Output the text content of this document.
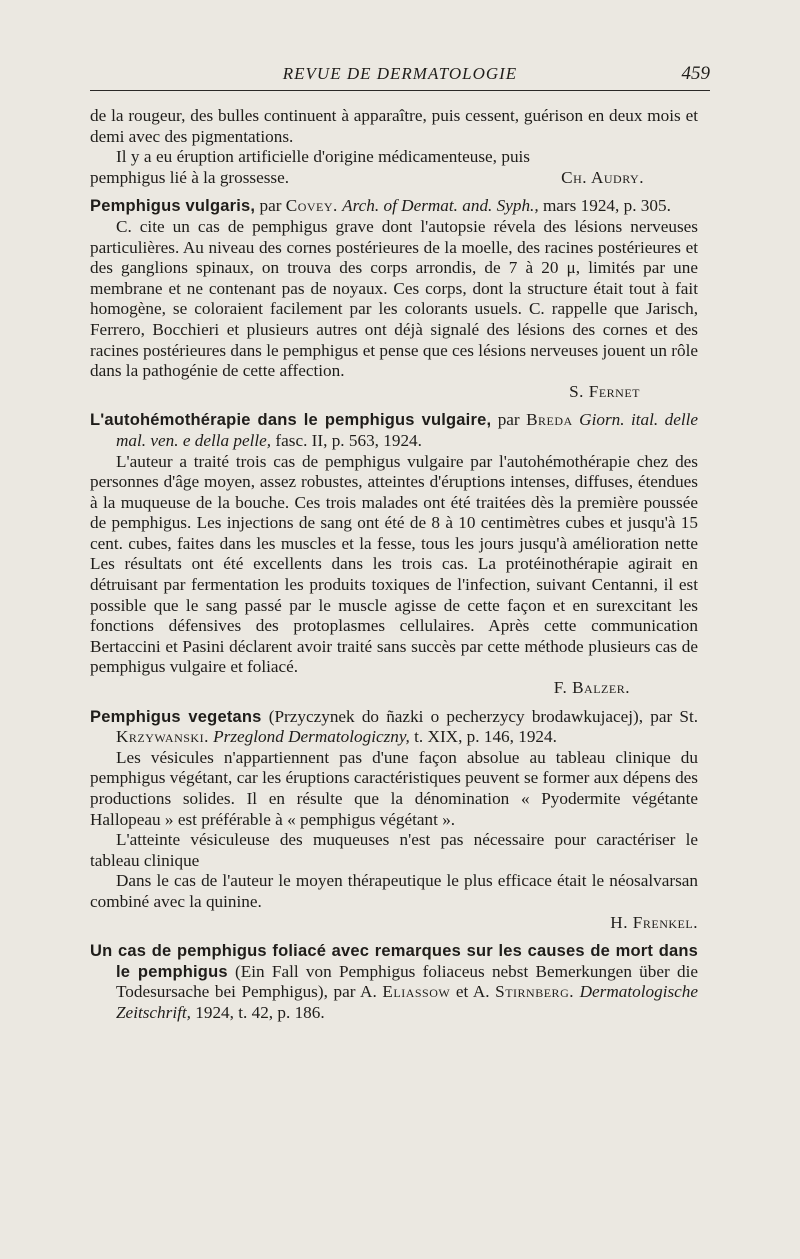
REVUE DE DERMATOLOGIE	459

de la rougeur, des bulles continuent à apparaître, puis cessent, guérison en deux mois et demi avec des pigmentations.

Il y a eu éruption artificielle d'origine médicamenteuse, puis pemphigus lié à la grossesse.	Ch. Audry.

Pemphigus vulgaris, par Covey. Arch. of Dermat. and. Syph., mars 1924, p. 305.

C. cite un cas de pemphigus grave dont l'autopsie révela des lésions nerveuses particulières. Au niveau des cornes postérieures de la moelle, des racines postérieures et des ganglions spinaux, on trouva des corps arrondis, de 7 à 20 μ, limités par une membrane et ne contenant pas de noyaux. Ces corps, dont la structure était tout à fait homogène, se coloraient facilement par les colorants usuels. C. rappelle que Jarisch, Ferrero, Bocchieri et plusieurs autres ont déjà signalé des lésions des cornes et des racines postérieures dans le pemphigus et pense que ces lésions nerveuses jouent un rôle dans la pathogénie de cette affection.

S. Fernet

L'autohémothérapie dans le pemphigus vulgaire, par Breda Giorn. ital. delle mal. ven. e della pelle, fasc. II, p. 563, 1924.

L'auteur a traité trois cas de pemphigus vulgaire par l'autohémothérapie chez des personnes d'âge moyen, assez robustes, atteintes d'éruptions intenses, diffuses, étendues à la muqueuse de la bouche. Ces trois malades ont été traitées dès la première poussée de pemphigus. Les injections de sang ont été de 8 à 10 centimètres cubes et jusqu'à 15 cent. cubes, faites dans les muscles et la fesse, tous les jours jusqu'à amélioration nette Les résultats ont été excellents dans les trois cas. La protéinothérapie agirait en détruisant par fermentation les produits toxiques de l'infection, suivant Centanni, il est possible que le sang passé par le muscle agisse de cette façon et en surexcitant les fonctions défensives des protoplasmes cellulaires. Après cette communication Bertaccini et Pasini déclarent avoir traité sans succès par cette méthode plusieurs cas de pemphigus vulgaire et foliacé.

F. Balzer.

Pemphigus vegetans (Przyczynek do ñazki o pecherzycy brodawkujacej), par St. Krzywanski. Przeglond Dermatologiczny, t. XIX, p. 146, 1924.

Les vésicules n'appartiennent pas d'une façon absolue au tableau clinique du pemphigus végétant, car les éruptions caractéristiques peuvent se former aux dépens des productions solides. Il en résulte que la dénomination « Pyodermite végétante Hallopeau » est préférable à « pemphigus végétant ».

L'atteinte vésiculeuse des muqueuses n'est pas nécessaire pour caractériser le tableau clinique

Dans le cas de l'auteur le moyen thérapeutique le plus efficace était le néosalvarsan combiné avec la quinine.

H. Frenkel.

Un cas de pemphigus foliacé avec remarques sur les causes de mort dans le pemphigus (Ein Fall von Pemphigus foliaceus nebst Bemerkungen über die Todesursache bei Pemphigus), par A. Eliassow et A. Stirnberg. Dermatologische Zeitschrift, 1924, t. 42, p. 186.
